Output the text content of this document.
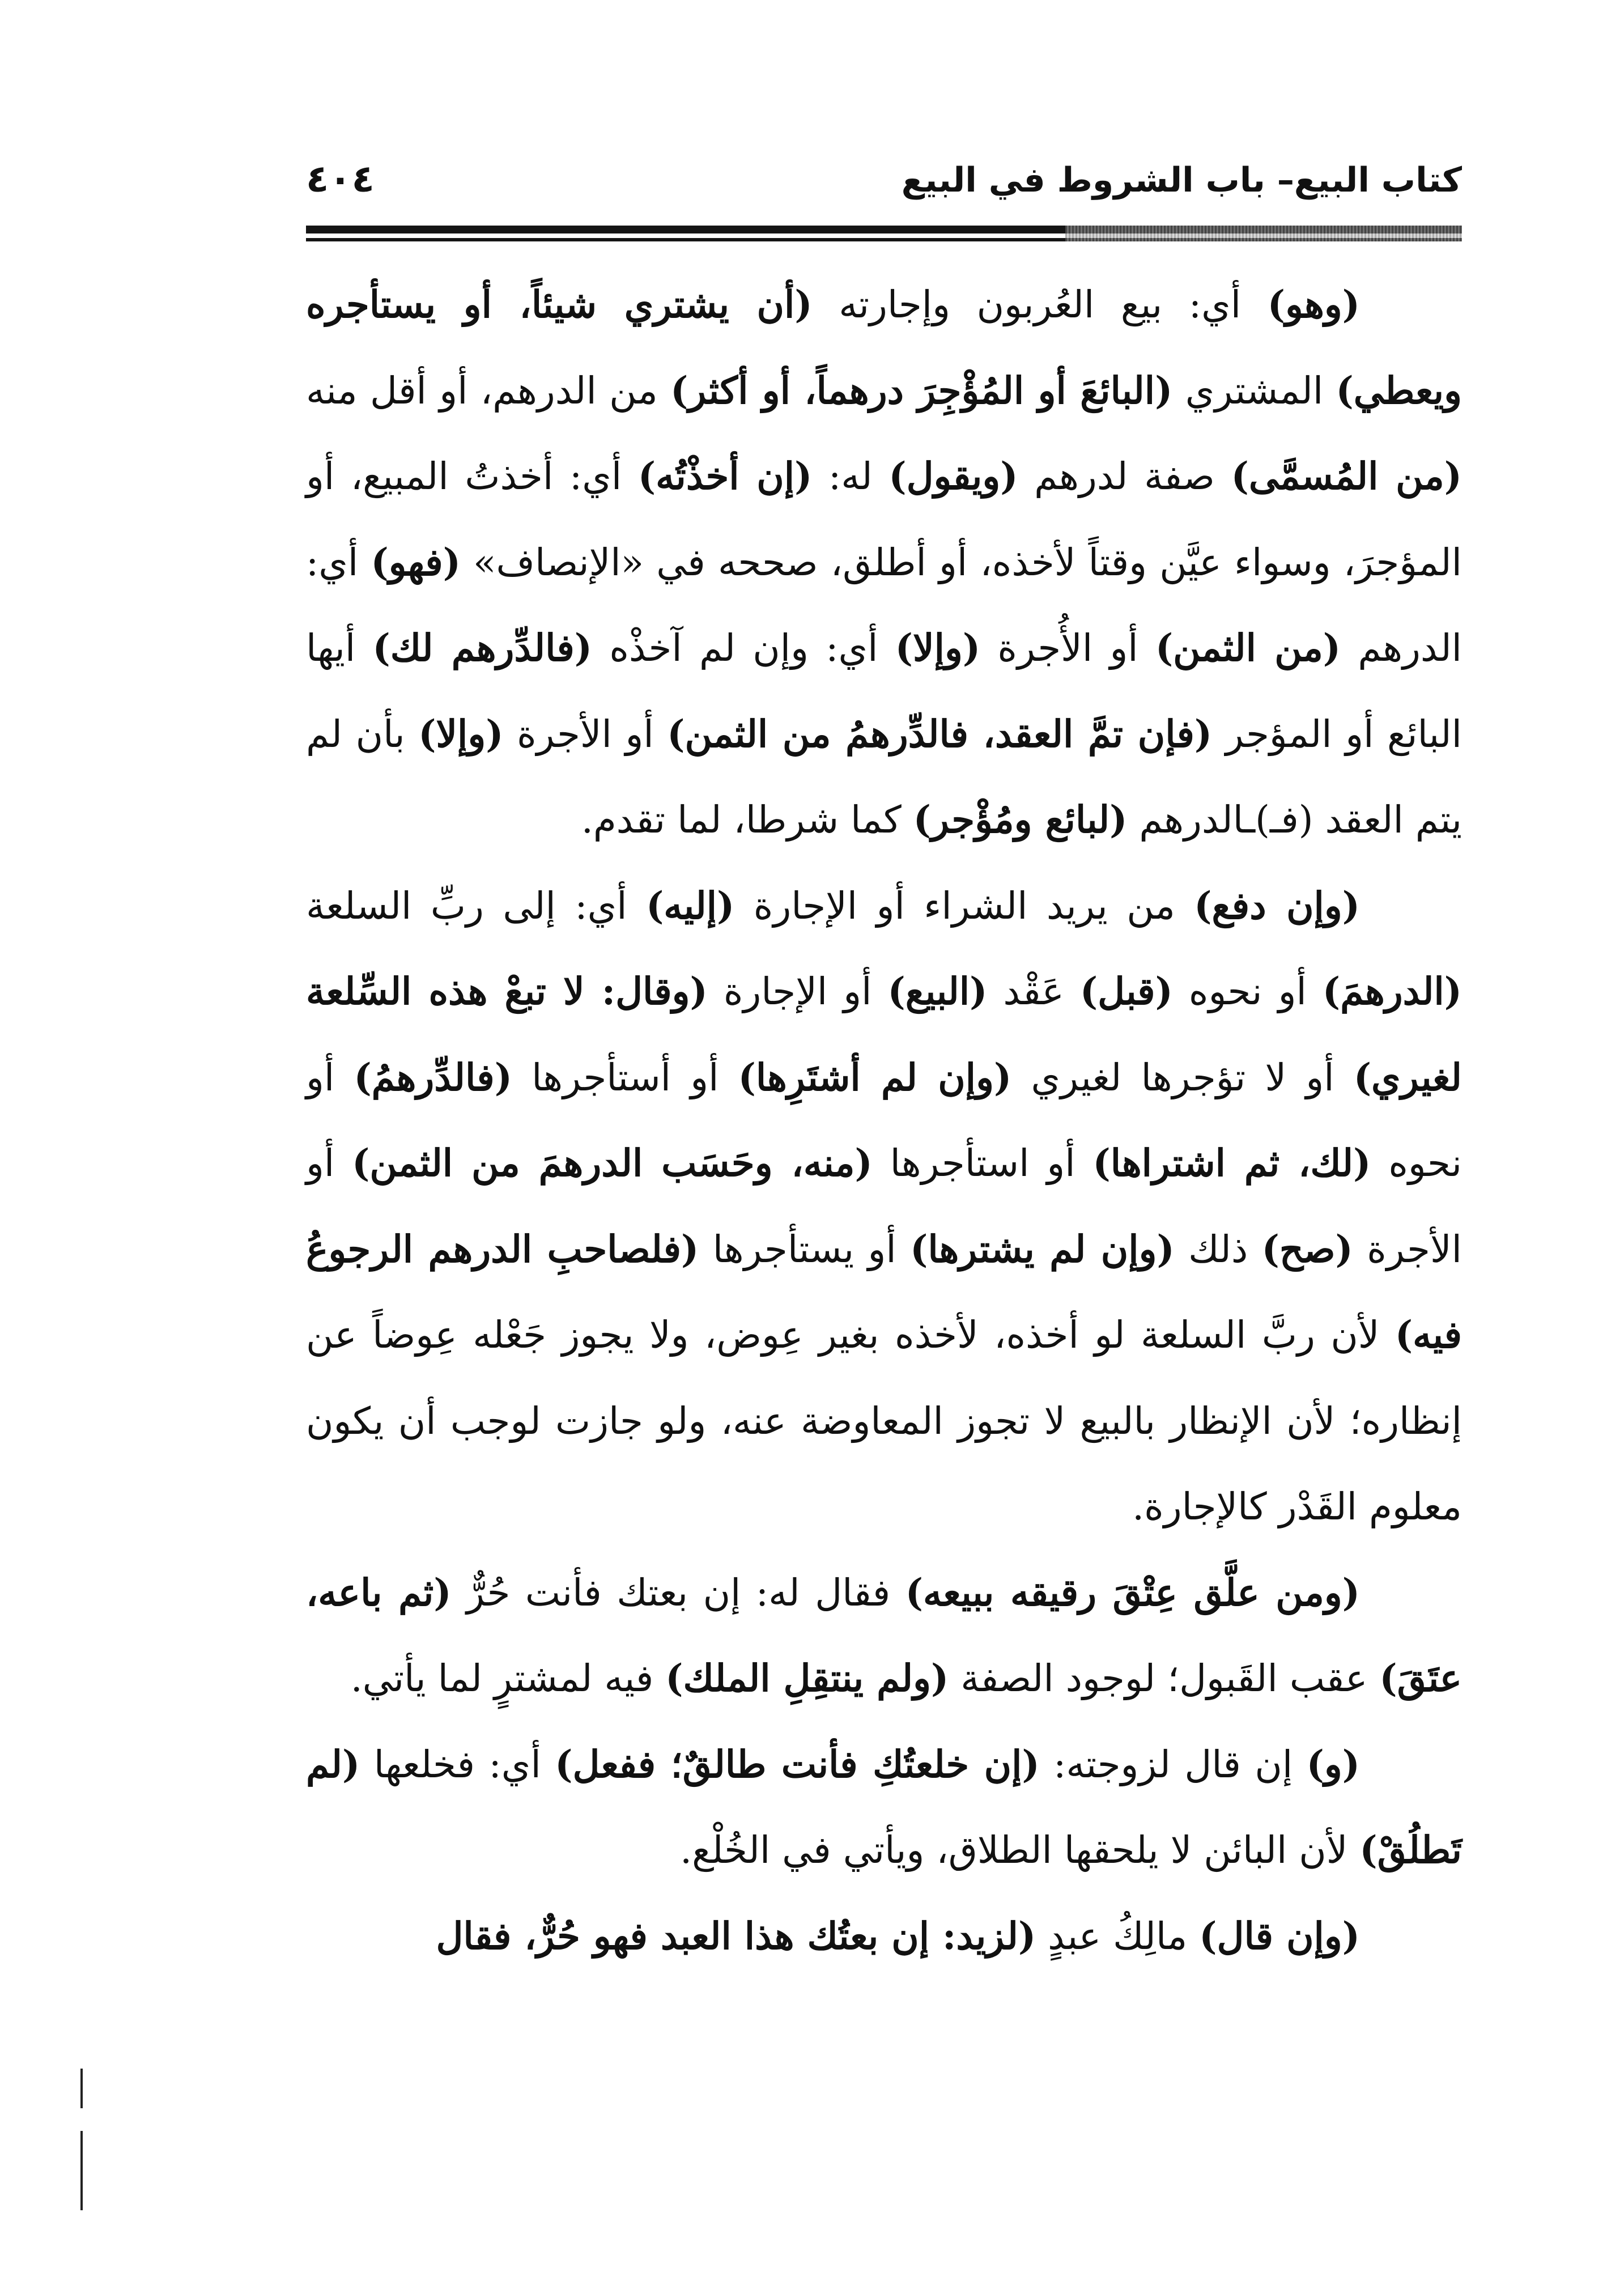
كتاب البيع– باب الشروط في البيع
٤٠٤

(وهو) أي: بيع العُربون وإجارته (أن يشتري شيئاً، أو يستأجره ويعطي) المشتري (البائعَ أو المُؤْجِرَ درهماً، أو أكثر) من الدرهم، أو أقل منه (من المُسمَّى) صفة لدرهم (ويقول) له: (إن أخذْتُه) أي: أخذتُ المبيع، أو المؤجرَ، وسواء عيَّن وقتاً لأخذه، أو أطلق، صححه في «الإنصاف» (فهو) أي: الدرهم (من الثمن) أو الأُجرة (وإلا) أي: وإن لم آخذْه (فالدِّرهم لك) أيها البائع أو المؤجر (فإن تمَّ العقد، فالدِّرهمُ من الثمن) أو الأجرة (وإلا) بأن لم يتم العقد (فـ)ـالدرهم (لبائع ومُؤْجر) كما شرطا، لما تقدم.

(وإن دفع) من يريد الشراء أو الإجارة (إليه) أي: إلى ربِّ السلعة (الدرهمَ) أو نحوه (قبل) عَقْد (البيع) أو الإجارة (وقال: لا تبعْ هذه السِّلعة لغيري) أو لا تؤجرها لغيري (وإن لم أشتَرِها) أو أستأجرها (فالدِّرهمُ) أو نحوه (لك، ثم اشتراها) أو استأجرها (منه، وحَسَب الدرهمَ من الثمن) أو الأجرة (صح) ذلك (وإن لم يشترها) أو يستأجرها (فلصاحبِ الدرهم الرجوعُ فيه) لأن ربَّ السلعة لو أخذه، لأخذه بغير عِوض، ولا يجوز جَعْله عِوضاً عن إنظاره؛ لأن الإنظار بالبيع لا تجوز المعاوضة عنه، ولو جازت لوجب أن يكون معلوم القَدْر كالإجارة.

(ومن علَّق عِتْقَ رقيقه ببيعه) فقال له: إن بعتك فأنت حُرٌّ (ثم باعه، عتَقَ) عقب القَبول؛ لوجود الصفة (ولم ينتقِلِ الملك) فيه لمشترٍ لما يأتي.

(و) إن قال لزوجته: (إن خلعتُكِ فأنت طالقٌ؛ ففعل) أي: فخلعها (لم تَطلُقْ) لأن البائن لا يلحقها الطلاق، ويأتي في الخُلْع.

(وإن قال) مالِكُ عبدٍ (لزيد: إن بعتُك هذا العبد فهو حُرٌّ، فقال
